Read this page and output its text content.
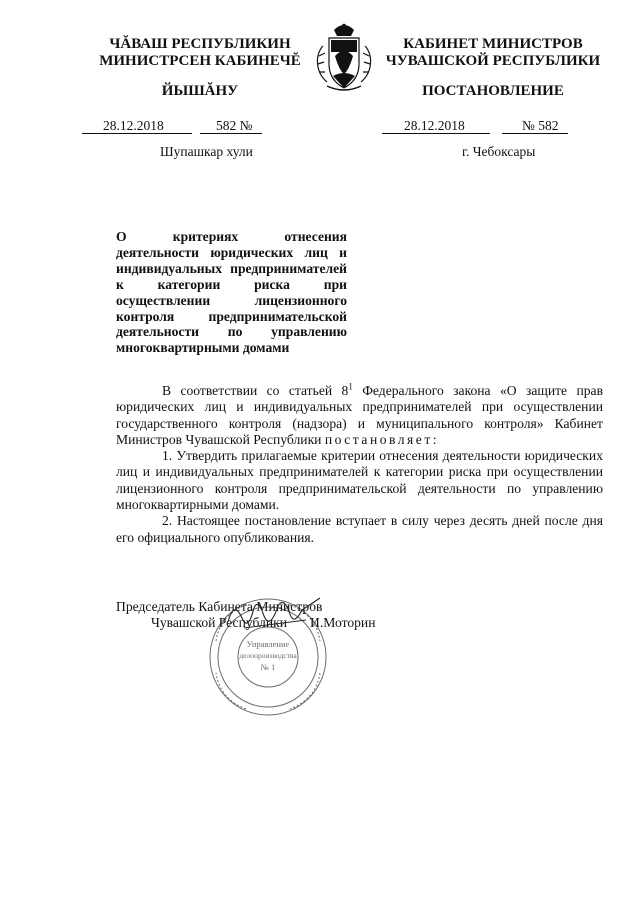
ЧĂВАШ РЕСПУБЛИКИН
МИНИСТРСЕН КАБИНЕЧĔ
ЙЫШĂНУ
КАБИНЕТ МИНИСТРОВ
ЧУВАШСКОЙ РЕСПУБЛИКИ
ПОСТАНОВЛЕНИЕ
28.12.2018	582 №	28.12.2018	№ 582
Шупашкар хули	г. Чебоксары
О критериях отнесения деятельности юридических лиц и индивидуальных предпринимателей к категории риска при осуществлении лицензионного контроля предпринимательской деятельности по управлению многоквартирными домами

В соответствии со статьей $8^1$ Федерального закона «О защите прав юридических лиц и индивидуальных предпринимателей при осуществлении государственного контроля (надзора) и муниципального контроля» Кабинет Министров Чувашской Республики постановляет:

1. Утвердить прилагаемые критерии отнесения деятельности юридических лиц и индивидуальных предпринимателей к категории риска при осуществлении лицензионного контроля предпринимательской деятельности по управлению многоквартирными домами.

2. Настоящее постановление вступает в силу через десять дней после дня его официального опубликования.

Управление
делопроизводства
№ 1
Председатель Кабинета Министров
Чувашской Республики И.Моторин
